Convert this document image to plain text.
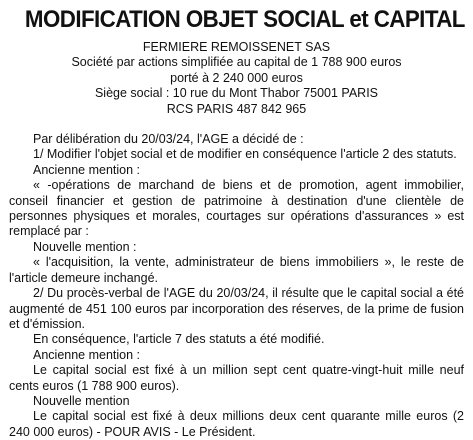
MODIFICATION OBJET SOCIAL et CAPITAL
FERMIERE REMOISSENET SAS
Société par actions simplifiée au capital de 1 788 900 euros
porté à 2 240 000 euros
Siège social : 10 rue du Mont Thabor 75001 PARIS
RCS PARIS 487 842 965

Par délibération du 20/03/24, l'AGE a décidé de :

1/ Modifier l'objet social et de modifier en conséquence l'article 2 des statuts.

Ancienne mention :

« -opérations de marchand de biens et de promotion, agent immobilier, conseil financier et gestion de patrimoine à destination d'une clientèle de personnes physiques et morales, courtages sur opérations d'assurances » est remplacé par :

Nouvelle mention :

« l'acquisition, la vente, administrateur de biens immobiliers », le reste de l'article demeure inchangé.

2/ Du procès-verbal de l'AGE du 20/03/24, il résulte que le capital social a été augmenté de 451 100 euros par incorporation des réserves, de la prime de fusion et d'émission.

En conséquence, l'article 7 des statuts a été modifié.

Ancienne mention :

Le capital social est fixé à un million sept cent quatre-vingt-huit mille neuf cents euros (1 788 900 euros).

Nouvelle mention

Le capital social est fixé à deux millions deux cent quarante mille euros (2 240 000 euros) - POUR AVIS - Le Président.
